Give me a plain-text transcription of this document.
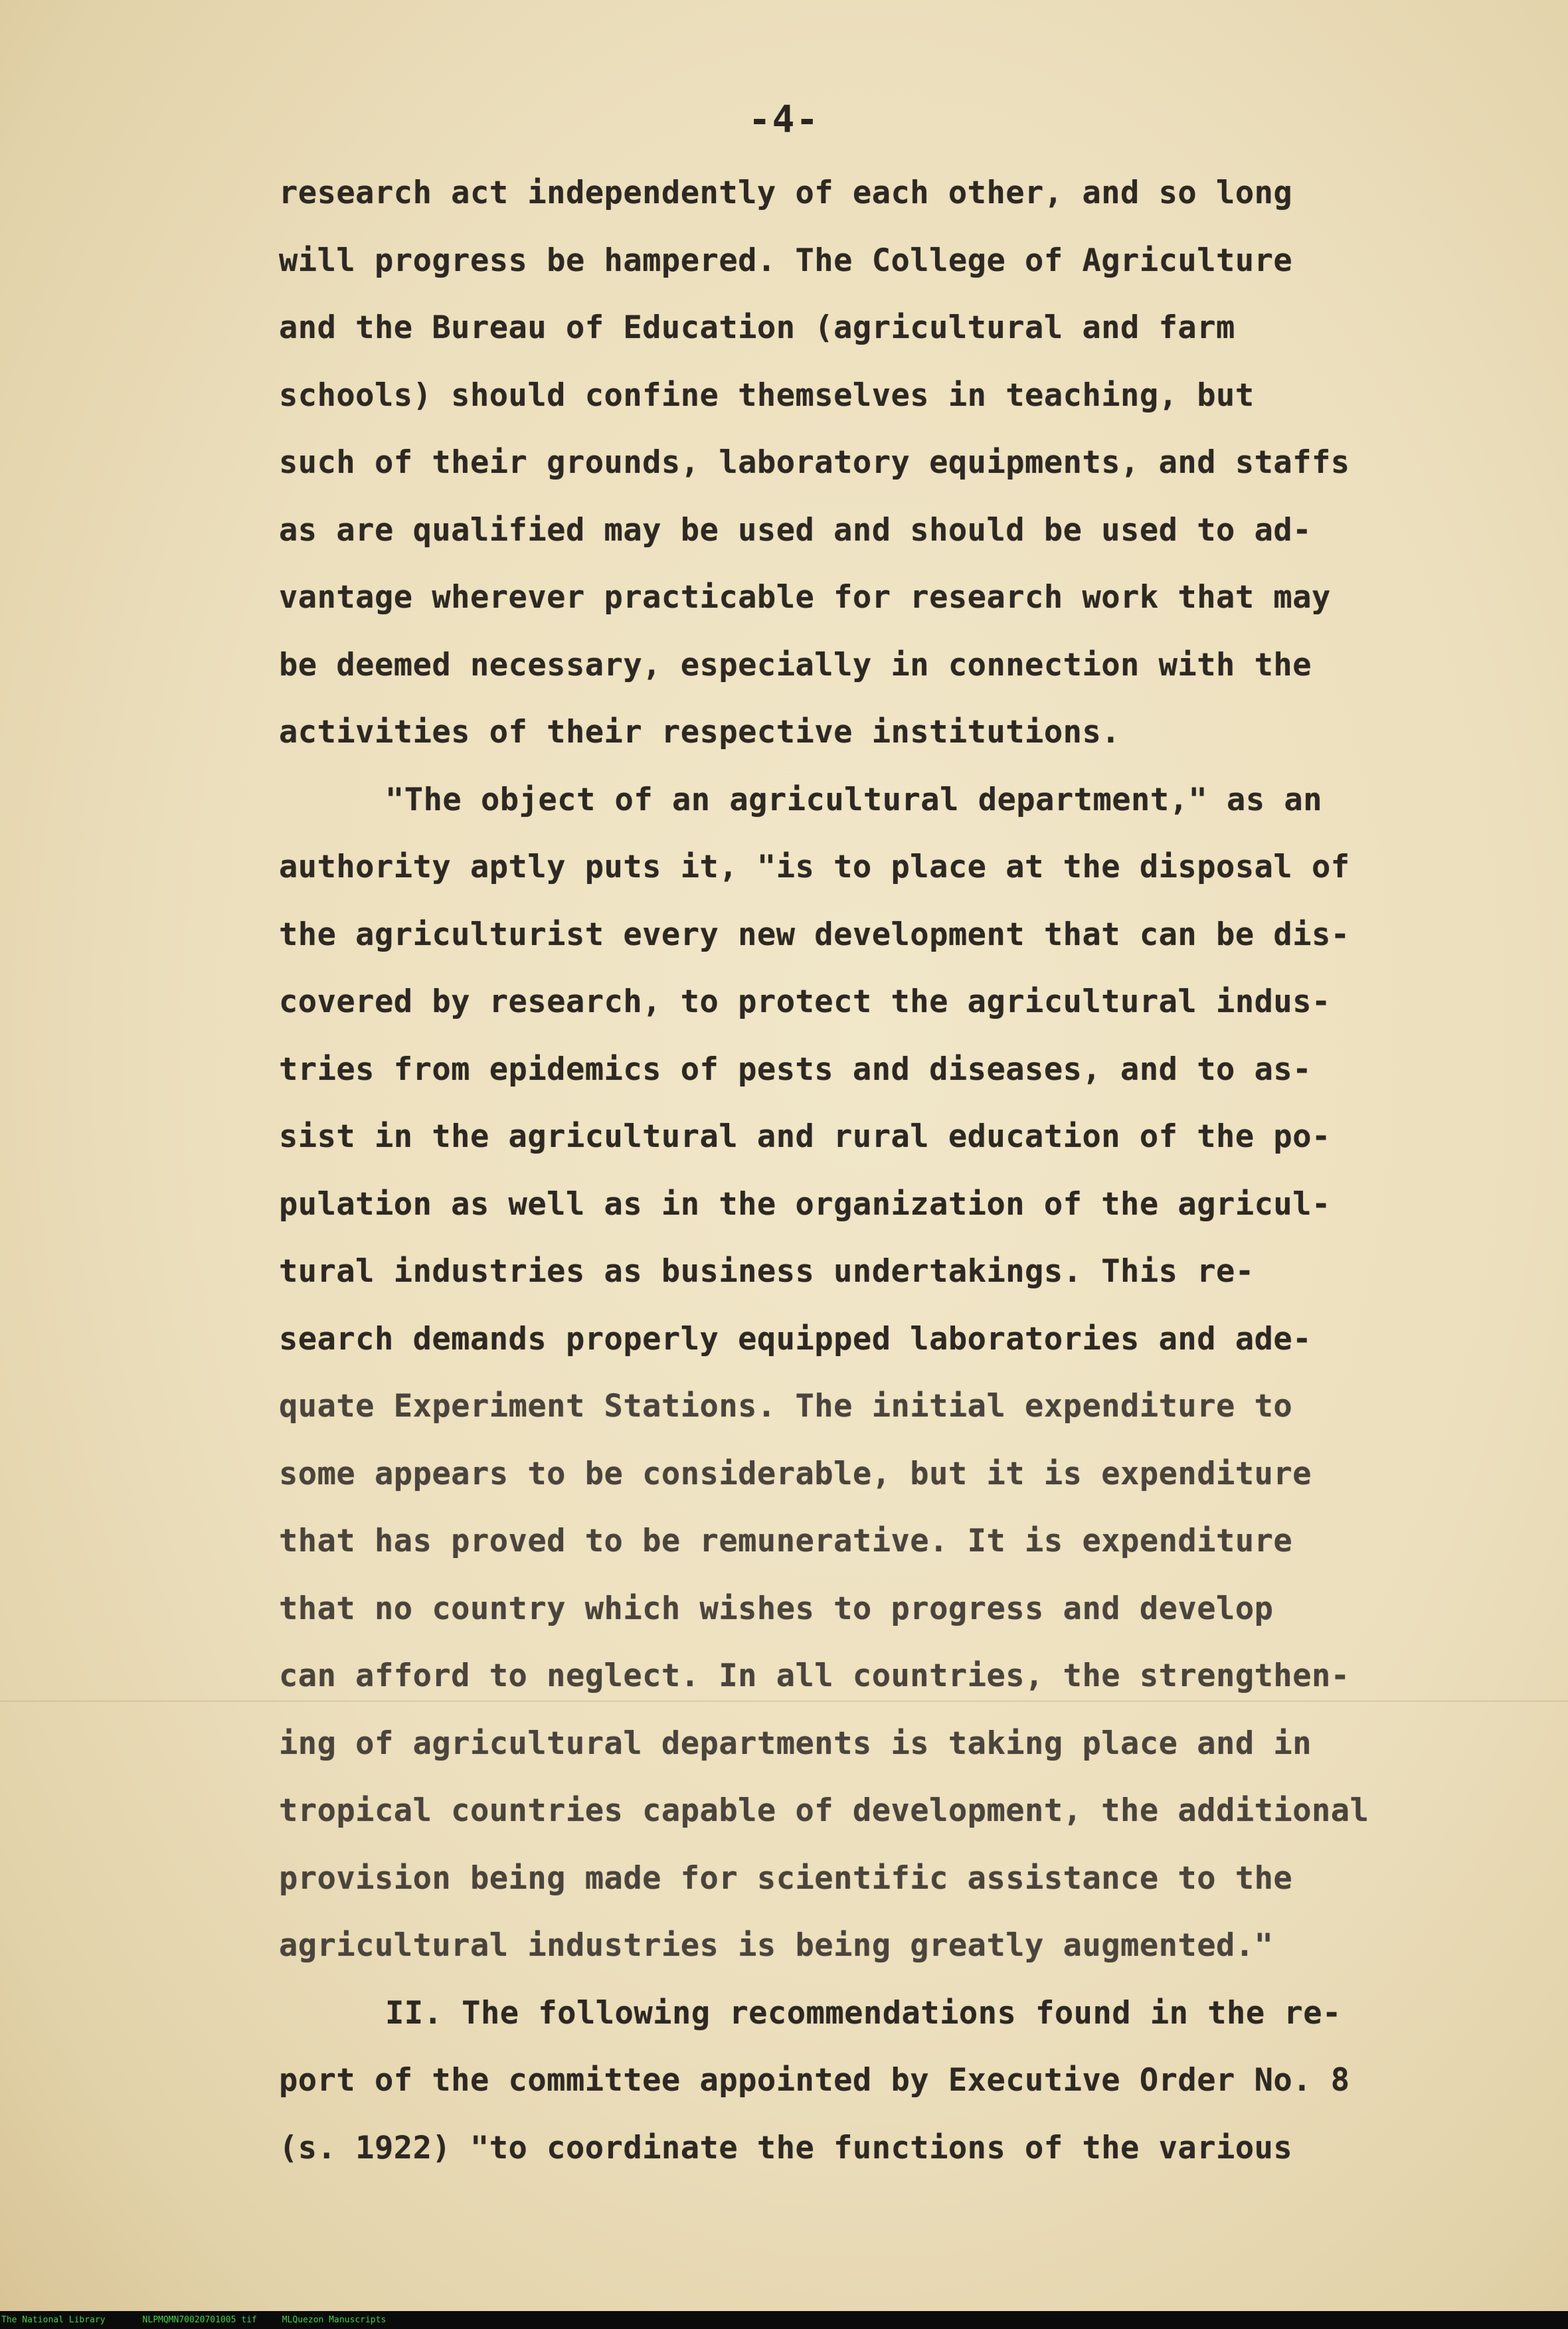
-4-
research act independently of each other, and so long
will progress be hampered. The College of Agriculture
and the Bureau of Education (agricultural and farm
schools) should confine themselves in teaching, but
such of their grounds, laboratory equipments, and staffs
as are qualified may be used and should be used to ad-
vantage wherever practicable for research work that may
be deemed necessary, especially in connection with the
activities of their respective institutions.
"The object of an agricultural department," as an
authority aptly puts it, "is to place at the disposal of
the agriculturist every new development that can be dis-
covered by research, to protect the agricultural indus-
tries from epidemics of pests and diseases, and to as-
sist in the agricultural and rural education of the po-
pulation as well as in the organization of the agricul-
tural industries as business undertakings. This re-
search demands properly equipped laboratories and ade-
quate Experiment Stations. The initial expenditure to
some appears to be considerable, but it is expenditure
that has proved to be remunerative. It is expenditure
that no country which wishes to progress and develop
can afford to neglect. In all countries, the strengthen-
ing of agricultural departments is taking place and in
tropical countries capable of development, the additional
provision being made for scientific assistance to the
agricultural industries is being greatly augmented."
II. The following recommendations found in the re-
port of the committee appointed by Executive Order No. 8
(s. 1922) "to coordinate the functions of the various
The National Library	NLPMQMN70020701005 tif	MLQuezon Manuscripts
